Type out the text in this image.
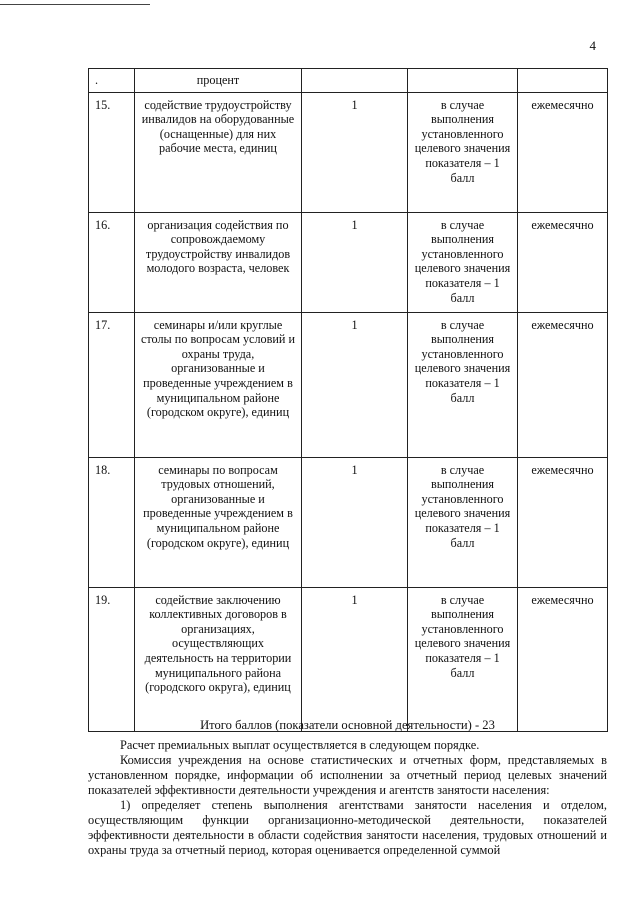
4
.	процент			
15.	содействие трудоустройству инвалидов на оборудованные (оснащенные) для них рабочие места, единиц	1	в случае выполнения установленного целевого значения показателя – 1 балл	ежемесячно
16.	организация содействия по сопровождаемому трудоустройству инвалидов молодого возраста, человек	1	в случае выполнения установленного целевого значения показателя – 1 балл	ежемесячно
17.	семинары и/или круглые столы по вопросам условий и охраны труда, организованные и проведенные учреждением в муниципальном районе (городском округе), единиц	1	в случае выполнения установленного целевого значения показателя – 1 балл	ежемесячно
18.	семинары по вопросам трудовых отношений, организованные и проведенные учреждением в муниципальном районе (городском округе), единиц	1	в случае выполнения установленного целевого значения показателя – 1 балл	ежемесячно
19.	содействие заключению коллективных договоров в организациях, осуществляющих деятельность на территории муниципального района (городского округа), единиц	1	в случае выполнения установленного целевого значения показателя – 1 балл	ежемесячно
Итого баллов (показатели основной деятельности) - 23

Расчет премиальных выплат осуществляется в следующем порядке.

Комиссия учреждения на основе статистических и отчетных форм, представляемых в установленном порядке, информации об исполнении за отчетный период целевых значений показателей эффективности деятельности учреждения и агентств занятости населения:

1) определяет степень выполнения агентствами занятости населения и отделом, осуществляющим функции организационно-методической деятельности, показателей эффективности деятельности в области содействия занятости населения, трудовых отношений и охраны труда за отчетный период, которая оценивается определенной суммой
